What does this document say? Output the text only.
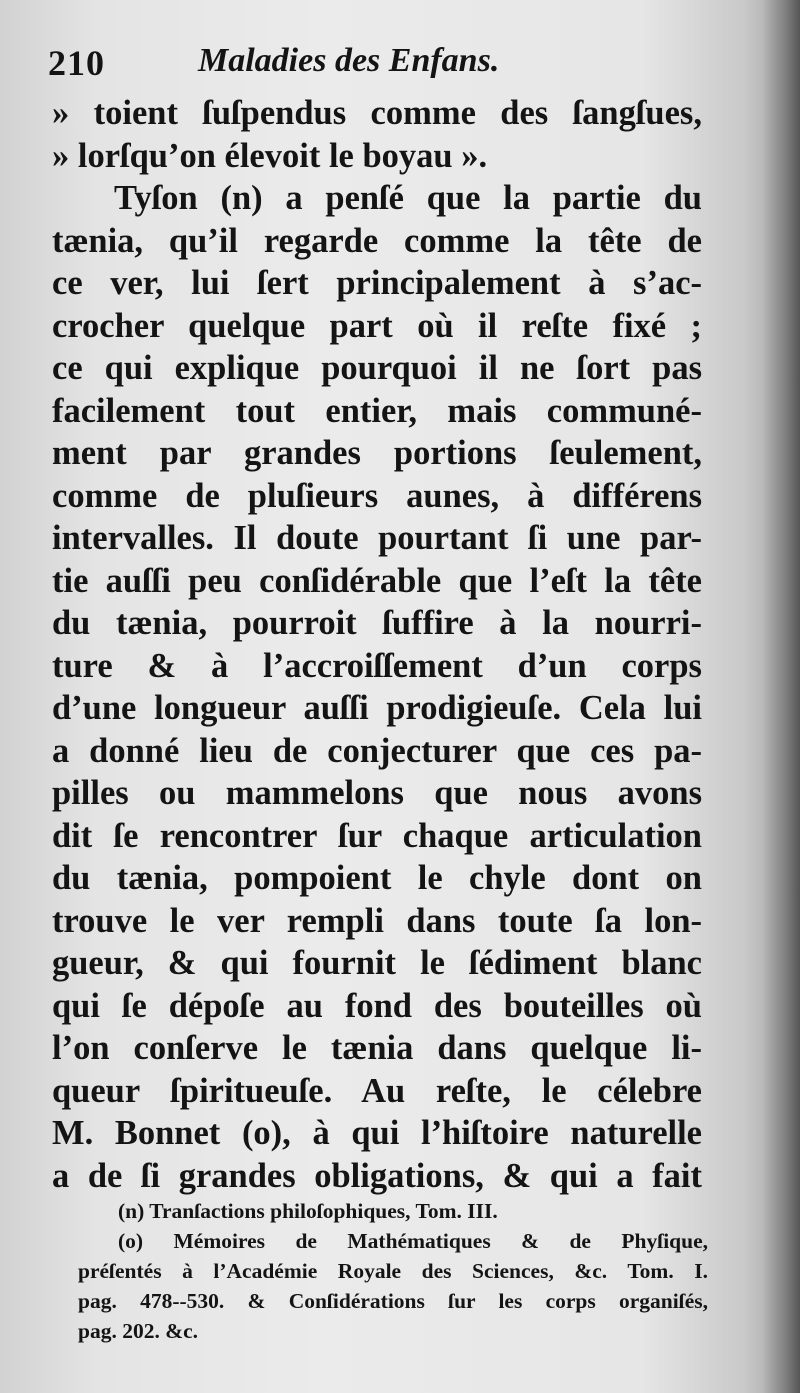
210	Maladies des Enfans.
» toient ſuſpendus comme des ſangſues,
» lorſqu’on élevoit le boyau ».
Tyſon (n) a penſé que la partie du
tænia, qu’il regarde comme la tête de
ce ver, lui ſert principalement à s’ac-
crocher quelque part où il reſte fixé ;
ce qui explique pourquoi il ne ſort pas
facilement tout entier, mais communé-
ment par grandes portions ſeulement,
comme de pluſieurs aunes, à différens
intervalles. Il doute pourtant ſi une par-
tie auſſi peu conſidérable que l’eſt la tête
du tænia, pourroit ſuffire à la nourri-
ture & à l’accroiſſement d’un corps
d’une longueur auſſi prodigieuſe. Cela lui
a donné lieu de conjecturer que ces pa-
pilles ou mammelons que nous avons
dit ſe rencontrer ſur chaque articulation
du tænia, pompoient le chyle dont on
trouve le ver rempli dans toute ſa lon-
gueur, & qui fournit le ſédiment blanc
qui ſe dépoſe au fond des bouteilles où
l’on conſerve le tænia dans quelque li-
queur ſpiritueuſe. Au reſte, le célebre
M. Bonnet (o), à qui l’hiſtoire naturelle
a de ſi grandes obligations, & qui a fait
(n) Tranſactions philoſophiques, Tom. III.
(o) Mémoires de Mathématiques & de Phyſique,
préſentés à l’Académie Royale des Sciences, &c. Tom. I.
pag. 478--530. & Conſidérations ſur les corps organiſés,
pag. 202. &c.
